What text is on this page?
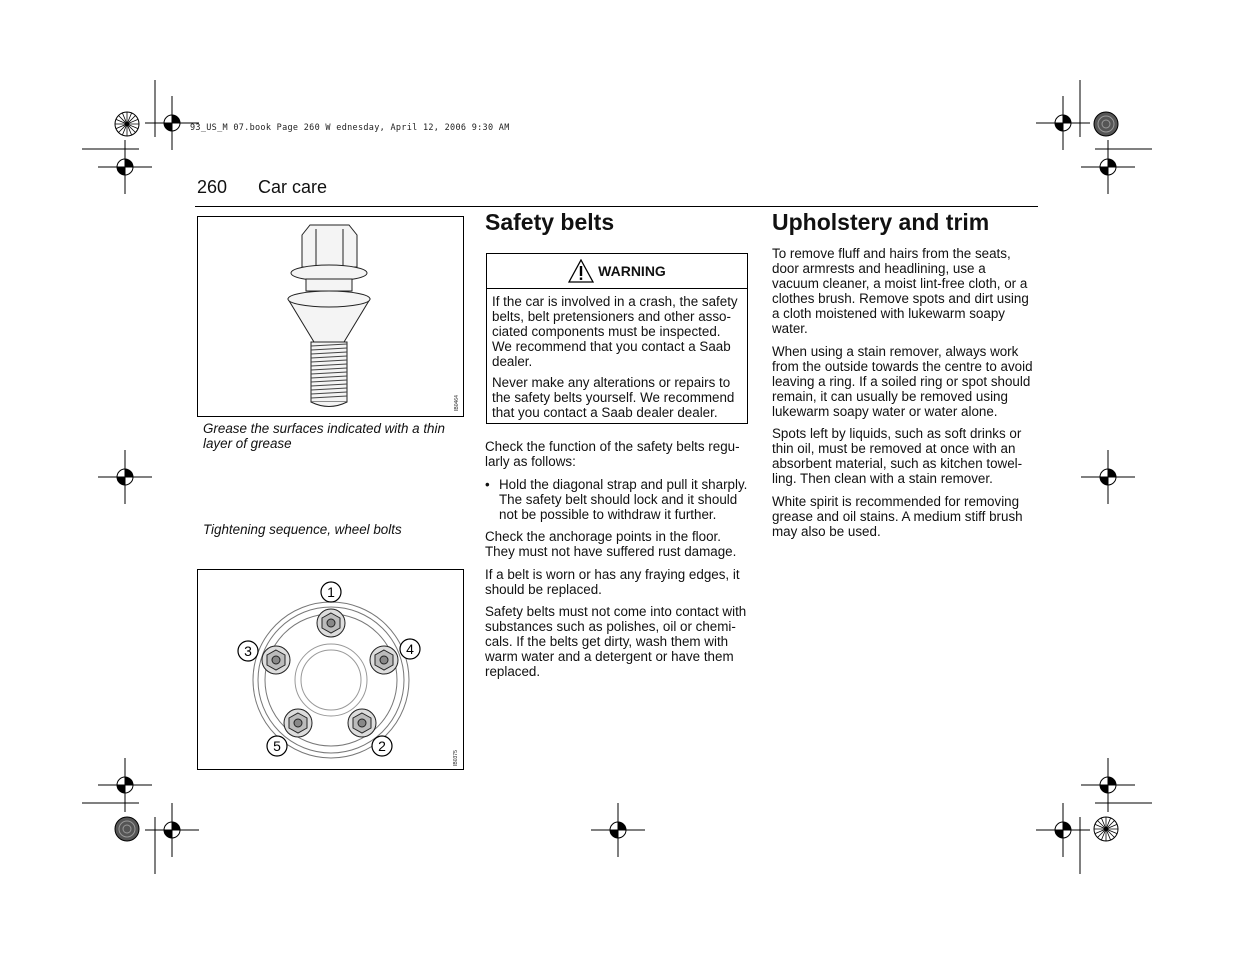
93_US_M 07.book Page 260 W ednesday, April 12, 2006 9:30 AM
260 Car care
IB0464
Grease the surfaces indicated with a thin layer of grease
Tightening sequence, wheel bolts
1
2
3	4
5
IB0375
Safety belts
WARNING

If the car is involved in a crash, the safety belts, belt pretensioners and other asso-ciated components must be inspected. We recommend that you contact a Saab dealer.

Never make any alterations or repairs to the safety belts yourself. We recommend that you contact a Saab dealer dealer.

Check the function of the safety belts regu-larly as follows:

• Hold the diagonal strap and pull it sharply. The safety belt should lock and it should not be possible to withdraw it further.

Check the anchorage points in the floor. They must not have suffered rust damage.

If a belt is worn or has any fraying edges, it should be replaced.

Safety belts must not come into contact with substances such as polishes, oil or chemi-cals. If the belts get dirty, wash them with warm water and a detergent or have them replaced.

Upholstery and trim

To remove fluff and hairs from the seats, door armrests and headlining, use a vacuum cleaner, a moist lint-free cloth, or a clothes brush. Remove spots and dirt using a cloth moistened with lukewarm soapy water.

When using a stain remover, always work from the outside towards the centre to avoid leaving a ring. If a soiled ring or spot should remain, it can usually be removed using lukewarm soapy water or water alone.

Spots left by liquids, such as soft drinks or thin oil, must be removed at once with an absorbent material, such as kitchen towel-ling. Then clean with a stain remover.

White spirit is recommended for removing grease and oil stains. A medium stiff brush may also be used.
